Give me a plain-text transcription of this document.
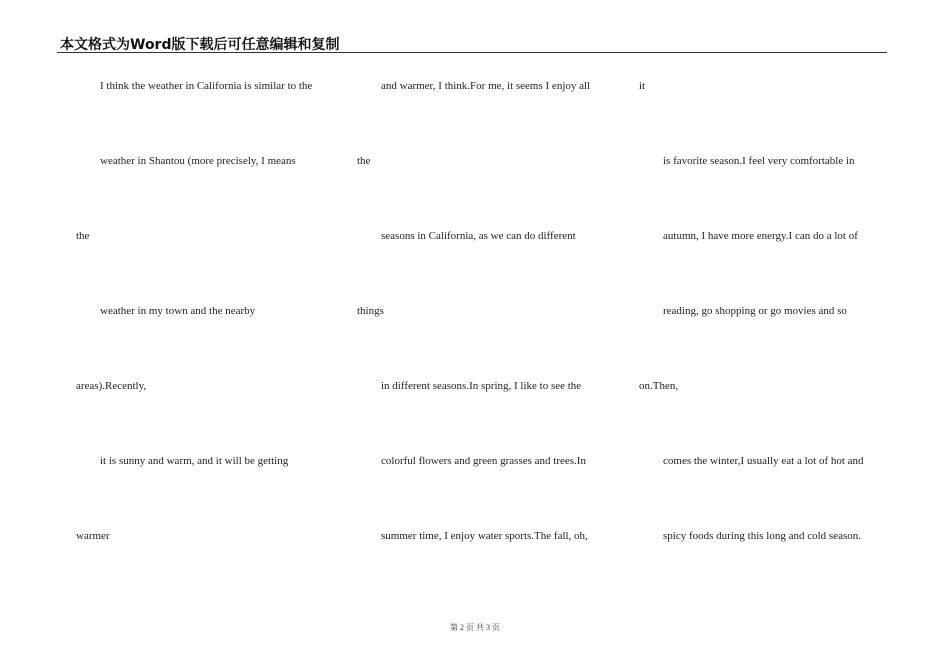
本文格式为Word版下载后可任意编辑和复制
I think the weather in California is similar to the
weather in Shantou (more precisely, I means
the
weather in my town and the nearby
areas).Recently,
it is sunny and warm, and it will be getting
warmer
and warmer, I think.For me, it seems I enjoy all
the
seasons in California, as we can do different
things
in different seasons.In spring, I like to see the
colorful flowers and green grasses and trees.In
summer time, I enjoy water sports.The fall, oh,
it
is favorite season.I feel very comfortable in
autumn, I have more energy.I can do a lot of
reading, go shopping or go movies and so
on.Then,
comes the winter,I usually eat a lot of hot and
spicy foods during this long and cold season.
第 2 页 共 3 页
